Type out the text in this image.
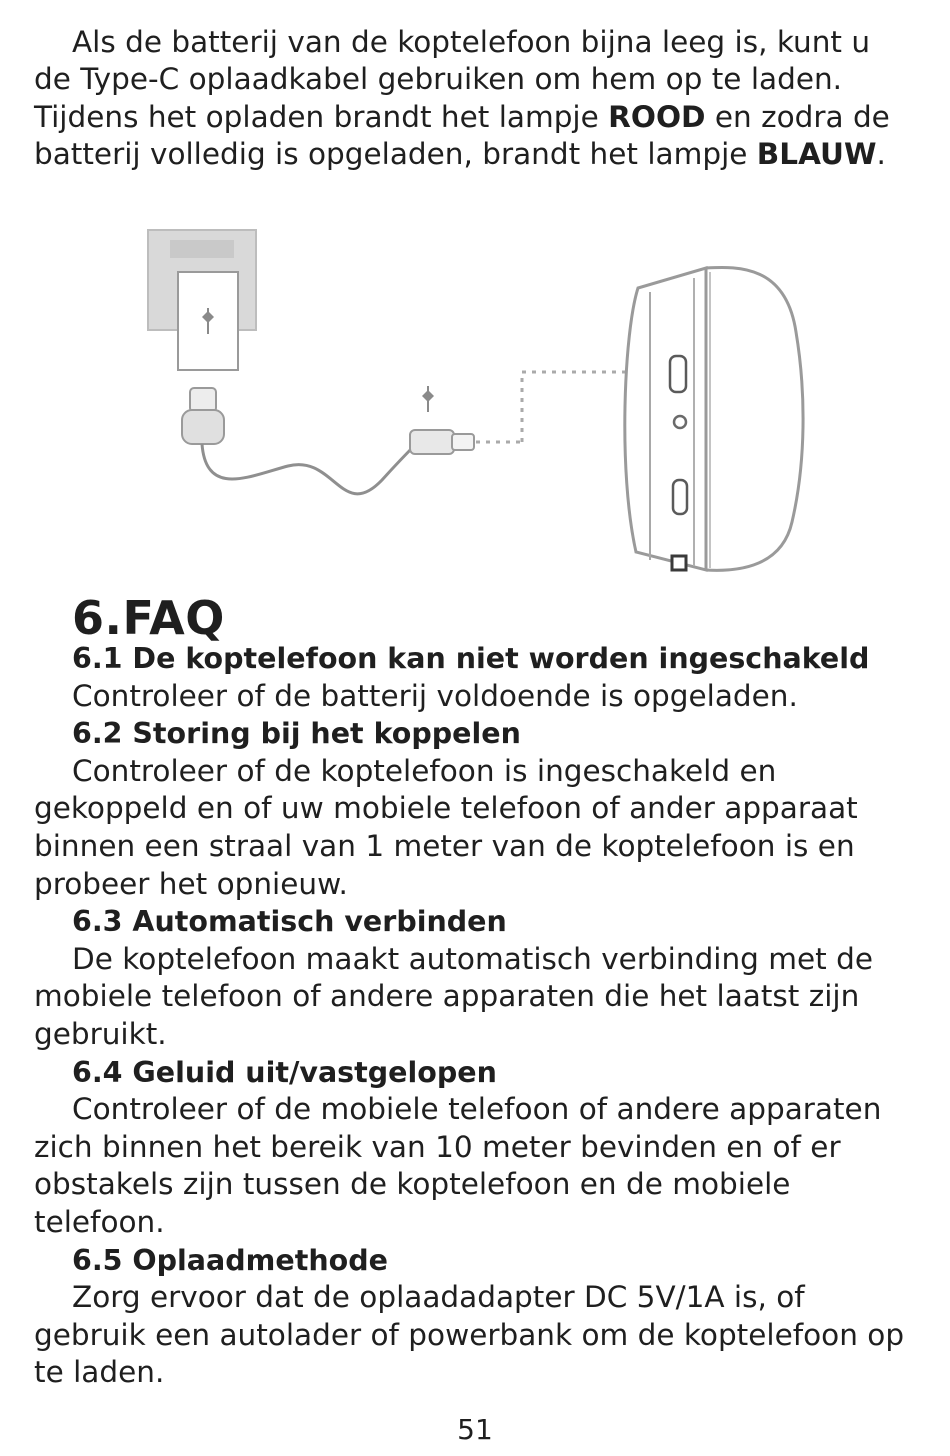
Als de batterij van de koptelefoon bijna leeg is, kunt u de Type-C oplaadkabel gebruiken om hem op te laden. Tijdens het opladen brandt het lampje ROOD en zodra de batterij volledig is opgeladen, brandt het lampje BLAUW.

6.FAQ
6.1 De koptelefoon kan niet worden ingeschakeld

Controleer of de batterij voldoende is opgeladen.

6.2 Storing bij het koppelen

Controleer of de koptelefoon is ingeschakeld en gekoppeld en of uw mobiele telefoon of ander apparaat binnen een straal van 1 meter van de koptelefoon is en probeer het opnieuw.

6.3 Automatisch verbinden

De koptelefoon maakt automatisch verbinding met de mobiele telefoon of andere apparaten die het laatst zijn gebruikt.

6.4 Geluid uit/vastgelopen

Controleer of de mobiele telefoon of andere apparaten zich binnen het bereik van 10 meter bevinden en of er obstakels zijn tussen de koptelefoon en de mobiele telefoon.

6.5 Oplaadmethode

Zorg ervoor dat de oplaadadapter DC 5V/1A is, of gebruik een autolader of powerbank om de koptelefoon op te laden.

51
